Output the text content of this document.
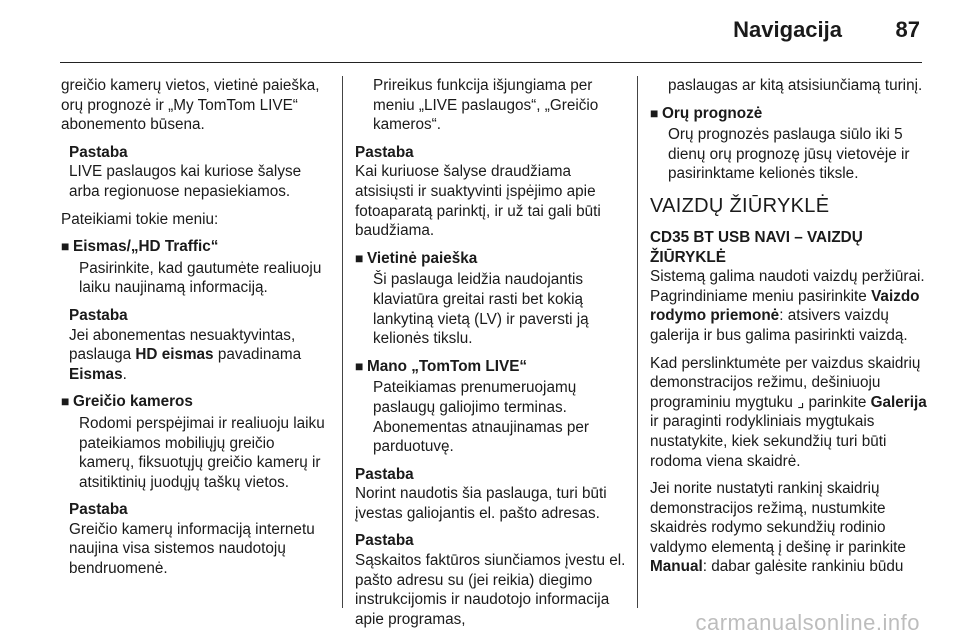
Navigacija 87

greičio kamerų vietos, vietinė paieška, orų prognozė ir „My TomTom LIVE“ abonemento būsena.

Pastaba
LIVE paslaugos kai kuriose šalyse arba regionuose nepasiekiamos.

Pateikiami tokie meniu:

■ Eismas/„HD Traffic“

Pasirinkite, kad gautumėte realiuoju laiku naujinamą informaciją.

Pastaba
Jei abonementas nesuaktyvintas, paslauga HD eismas pavadinama Eismas.
■ Greičio kameros

Rodomi perspėjimai ir realiuoju laiku pateikiamos mobiliųjų greičio kamerų, fiksuotųjų greičio kamerų ir atsitiktinių juodųjų taškų vietos.

Pastaba
Greičio kamerų informaciją internetu naujina visa sistemos naudotojų bendruomenė.

Prireikus funkcija išjungiama per meniu „LIVE paslaugos“, „Greičio kameros“.

Pastaba
Kai kuriuose šalyse draudžiama atsisiųsti ir suaktyvinti įspėjimo apie fotoaparatą parinktį, ir už tai gali būti baudžiama.
■ Vietinė paieška

Ši paslauga leidžia naudojantis klaviatūra greitai rasti bet kokią lankytiną vietą (LV) ir paversti ją kelionės tikslu.

■ Mano „TomTom LIVE“

Pateikiamas prenumeruojamų paslaugų galiojimo terminas. Abonementas atnaujinamas per parduotuvę.

Pastaba
Norint naudotis šia paslauga, turi būti įvestas galiojantis el. pašto adresas.
Pastaba
Sąskaitos faktūros siunčiamos įvestu el. pašto adresu su (jei reikia) diegimo instrukcijomis ir naudotojo informacija apie programas,

paslaugas ar kitą atsisiunčiamą turinį.

■ Orų prognozė

Orų prognozės paslauga siūlo iki 5 dienų orų prognozę jūsų vietovėje ir pasirinktame kelionės tiksle.

VAIZDŲ ŽIŪRYKLĖ
CD35 BT USB NAVI – VAIZDŲ ŽIŪRYKLĖ
Sistemą galima naudoti vaizdų peržiūrai. Pagrindiniame meniu pasirinkite Vaizdo rodymo priemonė: atsivers vaizdų galerija ir bus galima pasirinkti vaizdą.

Kad perslinktumėte per vaizdus skaidrių demonstracijos režimu, dešiniuoju programiniu mygtuku ⌟ parinkite Galerija ir paraginti rodykliniais mygtukais nustatykite, kiek sekundžių turi būti rodoma viena skaidrė.

Jei norite nustatyti rankinį skaidrių demonstracijos režimą, nustumkite skaidrės rodymo sekundžių rodinio valdymo elementą į dešinę ir parinkite Manual: dabar galėsite rankiniu būdu

carmanualsonline.info
